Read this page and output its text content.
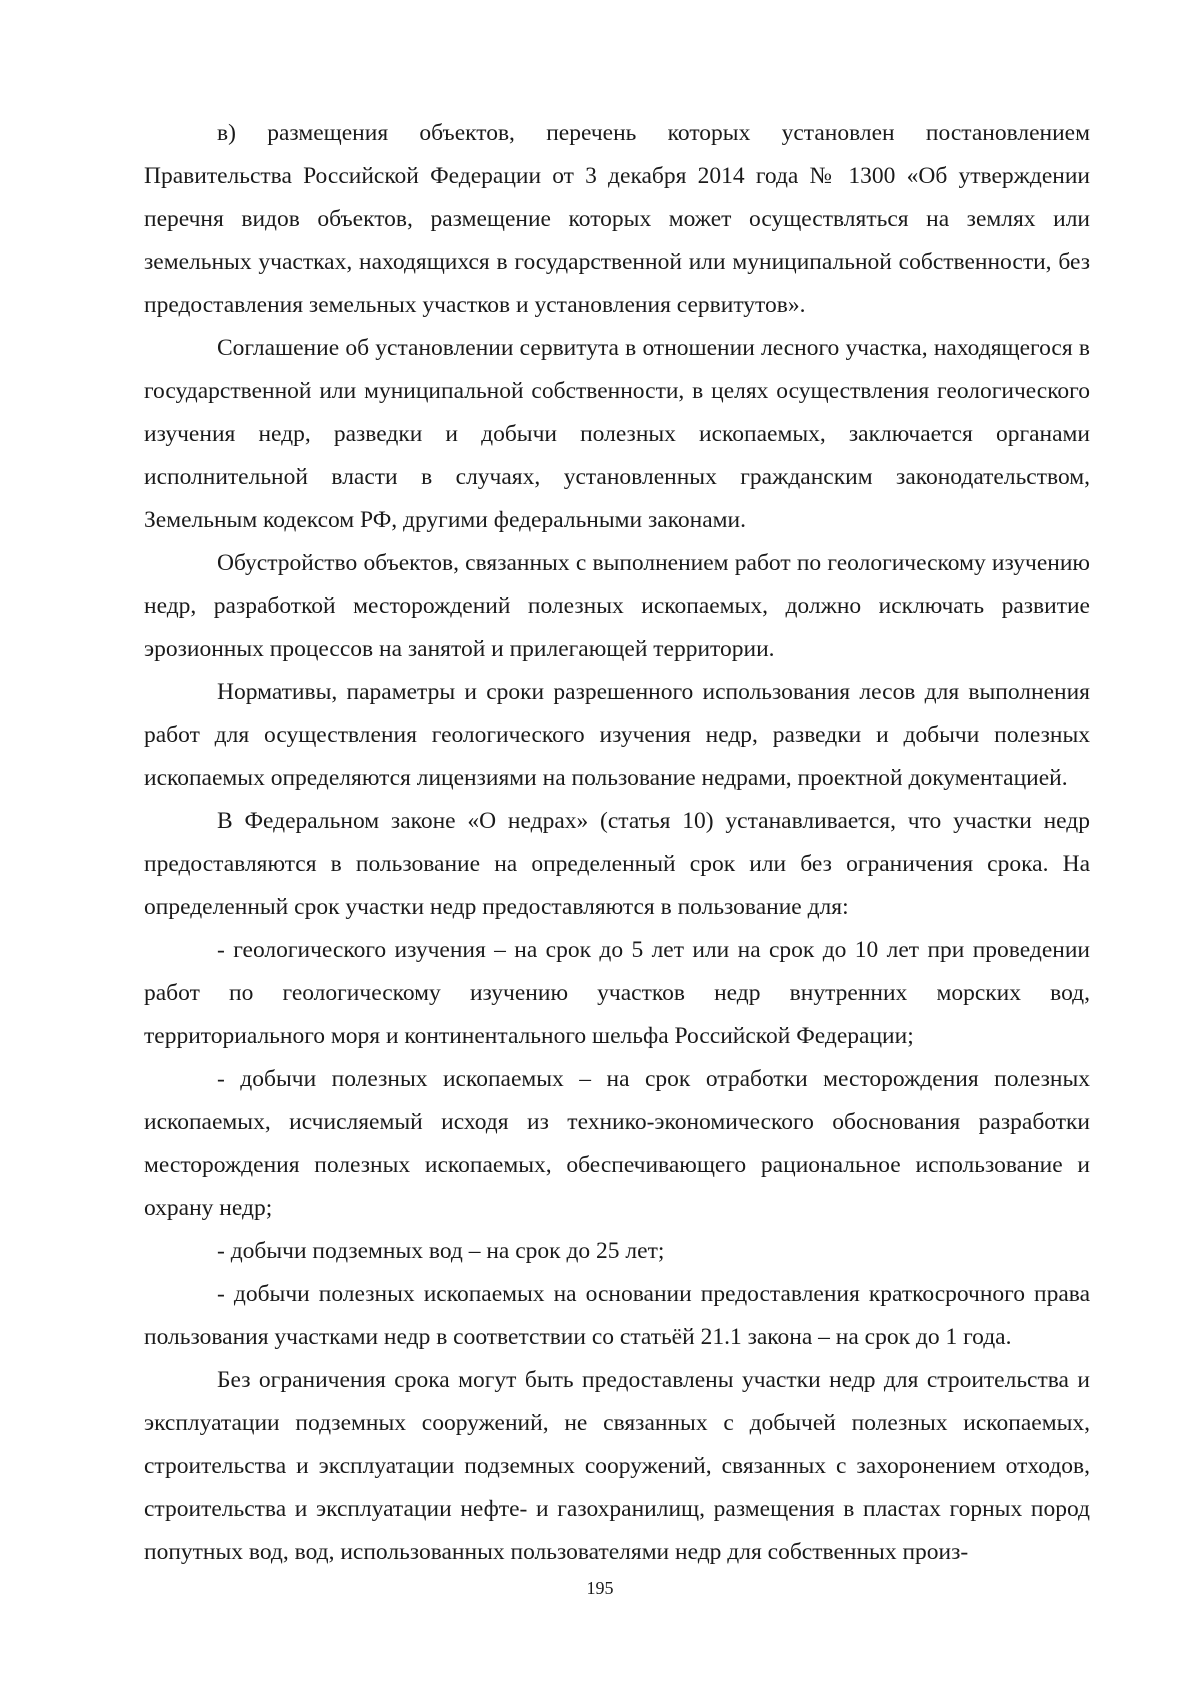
в) размещения объектов, перечень которых установлен постановлением Правительства Российской Федерации от 3 декабря 2014 года № 1300 «Об утверждении перечня видов объектов, размещение которых может осуществляться на землях или земельных участках, находящихся в государственной или муниципальной собственности, без предоставления земельных участков и установления сервитутов».

Соглашение об установлении сервитута в отношении лесного участка, находящегося в государственной или муниципальной собственности, в целях осуществления геологического изучения недр, разведки и добычи полезных ископаемых, заключается органами исполнительной власти в случаях, установленных гражданским законодательством, Земельным кодексом РФ, другими федеральными законами.

Обустройство объектов, связанных с выполнением работ по геологическому изучению недр, разработкой месторождений полезных ископаемых, должно исключать развитие эрозионных процессов на занятой и прилегающей территории.

Нормативы, параметры и сроки разрешенного использования лесов для выполнения работ для осуществления геологического изучения недр, разведки и добычи полезных ископаемых определяются лицензиями на пользование недрами, проектной документацией.

В Федеральном законе «О недрах» (статья 10) устанавливается, что участки недр предоставляются в пользование на определенный срок или без ограничения срока. На определенный срок участки недр предоставляются в пользование для:

- геологического изучения – на срок до 5 лет или на срок до 10 лет при проведении работ по геологическому изучению участков недр внутренних морских вод, территориального моря и континентального шельфа Российской Федерации;

- добычи полезных ископаемых – на срок отработки месторождения полезных ископаемых, исчисляемый исходя из технико-экономического обоснования разработки месторождения полезных ископаемых, обеспечивающего рациональное использование и охрану недр;

- добычи подземных вод – на срок до 25 лет;

- добычи полезных ископаемых на основании предоставления краткосрочного права пользования участками недр в соответствии со статьёй 21.1 закона – на срок до 1 года.

Без ограничения срока могут быть предоставлены участки недр для строительства и эксплуатации подземных сооружений, не связанных с добычей полезных ископаемых, строительства и эксплуатации подземных сооружений, связанных с захоронением отходов, строительства и эксплуатации нефте- и газохранилищ, размещения в пластах горных пород попутных вод, вод, использованных пользователями недр для собственных произ-

195
